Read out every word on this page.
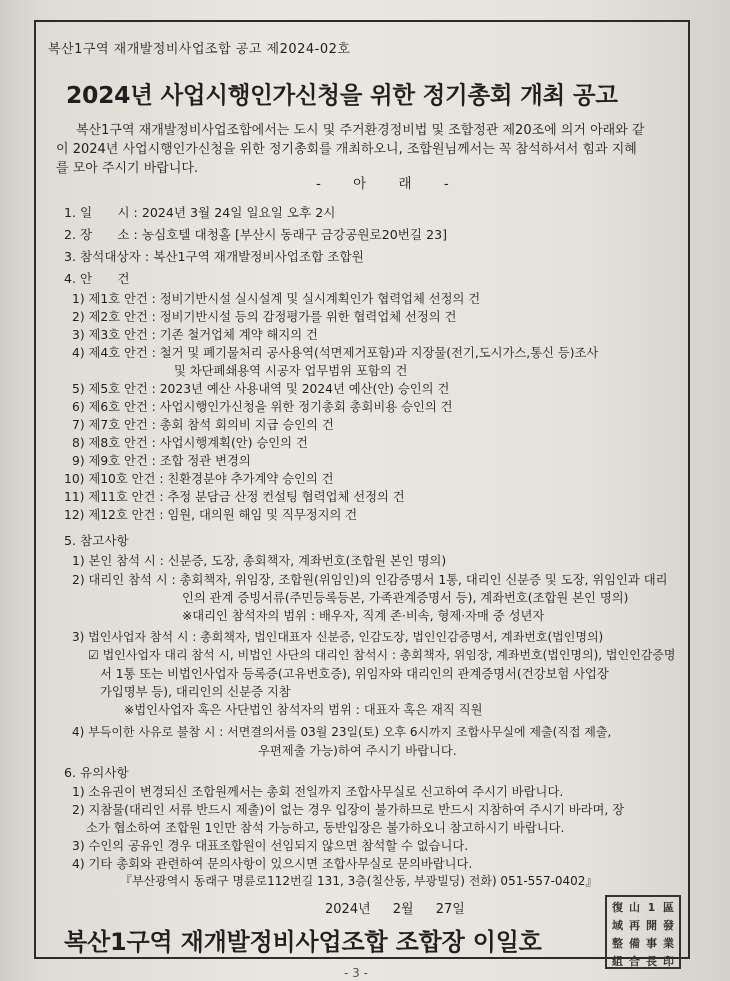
복산1구역 재개발정비사업조합 공고 제2024-02호
2024년 사업시행인가신청을 위한 정기총회 개최 공고

복산1구역 재개발정비사업조합에서는 도시 및 주거환경정비법 및 조합정관 제20조에 의거 아래와 같

이 2024년 사업시행인가신청을 위한 정기총회를 개최하오니, 조합원님께서는 꼭 참석하셔서 힘과 지혜

를 모아 주시기 바랍니다.

- 아 래 -
1. 일　　시 : 2024년 3월 24일 일요일 오후 2시
2. 장　　소 : 농심호텔 대청홀 [부산시 동래구 금강공원로20번길 23]
3. 참석대상자 : 복산1구역 재개발정비사업조합 조합원
4. 안　　건
1) 제1호 안건 : 정비기반시설 실시설계 및 실시계획인가 협력업체 선정의 건
2) 제2호 안건 : 정비기반시설 등의 감정평가를 위한 협력업체 선정의 건
3) 제3호 안건 : 기존 철거업체 계약 해지의 건
4) 제4호 안건 : 철거 및 폐기물처리 공사용역(석면제거포함)과 지장물(전기,도시가스,통신 등)조사
및 차단폐쇄용역 시공자 업무범위 포함의 건
5) 제5호 안건 : 2023년 예산 사용내역 및 2024년 예산(안) 승인의 건
6) 제6호 안건 : 사업시행인가신청을 위한 정기총회 총회비용 승인의 건
7) 제7호 안건 : 총회 참석 회의비 지급 승인의 건
8) 제8호 안건 : 사업시행계획(안) 승인의 건
9) 제9호 안건 : 조합 정관 변경의
10) 제10호 안건 : 친환경분야 추가계약 승인의 건
11) 제11호 안건 : 추정 분담금 산정 컨설팅 협력업체 선정의 건
12) 제12호 안건 : 임원, 대의원 해임 및 직무정지의 건
5. 참고사항
1) 본인 참석 시 : 신분증, 도장, 총회책자, 계좌번호(조합원 본인 명의)
2) 대리인 참석 시 : 총회책자, 위임장, 조합원(위임인)의 인감증명서 1통, 대리인 신분증 및 도장, 위임인과 대리
인의 관계 증빙서류(주민등록등본, 가족관계증명서 등), 계좌번호(조합원 본인 명의)
※대리인 참석자의 범위 : 배우자, 직계 존·비속, 형제·자매 중 성년자
3) 법인사업자 참석 시 : 총회책자, 법인대표자 신분증, 인감도장, 법인인감증명서, 계좌번호(법인명의)
☑ 법인사업자 대리 참석 시, 비법인 사단의 대리인 참석시 : 총회책자, 위임장, 계좌번호(법인명의), 법인인감증명
서 1통 또는 비법인사업자 등록증(고유번호증), 위임자와 대리인의 관계증명서(건강보험 사업장
가입명부 등), 대리인의 신분증 지참
※법인사업자 혹은 사단법인 참석자의 범위 : 대표자 혹은 재직 직원
4) 부득이한 사유로 불참 시 : 서면결의서를 03월 23일(토) 오후 6시까지 조합사무실에 제출(직접 제출,
우편제출 가능)하여 주시기 바랍니다.
6. 유의사항
1) 소유권이 변경되신 조합원께서는 총회 전일까지 조합사무실로 신고하여 주시기 바랍니다.
2) 지참물(대리인 서류 반드시 제출)이 없는 경우 입장이 불가하므로 반드시 지참하여 주시기 바라며, 장
소가 협소하여 조합원 1인만 참석 가능하고, 동반입장은 불가하오니 참고하시기 바랍니다.
3) 수인의 공유인 경우 대표조합원이 선임되지 않으면 참석할 수 없습니다.
4) 기타 총회와 관련하여 문의사항이 있으시면 조합사무실로 문의바랍니다.
『부산광역시 동래구 명륜로112번길 131, 3층(칠산동, 부광빌딩) 전화) 051-557-0402』
2024년 2월 27일
복산1구역 재개발정비사업조합 조합장 이일호
復 山 1 區
域 再 開 發
整 備 事 業
組 合 長 印
- 3 -
